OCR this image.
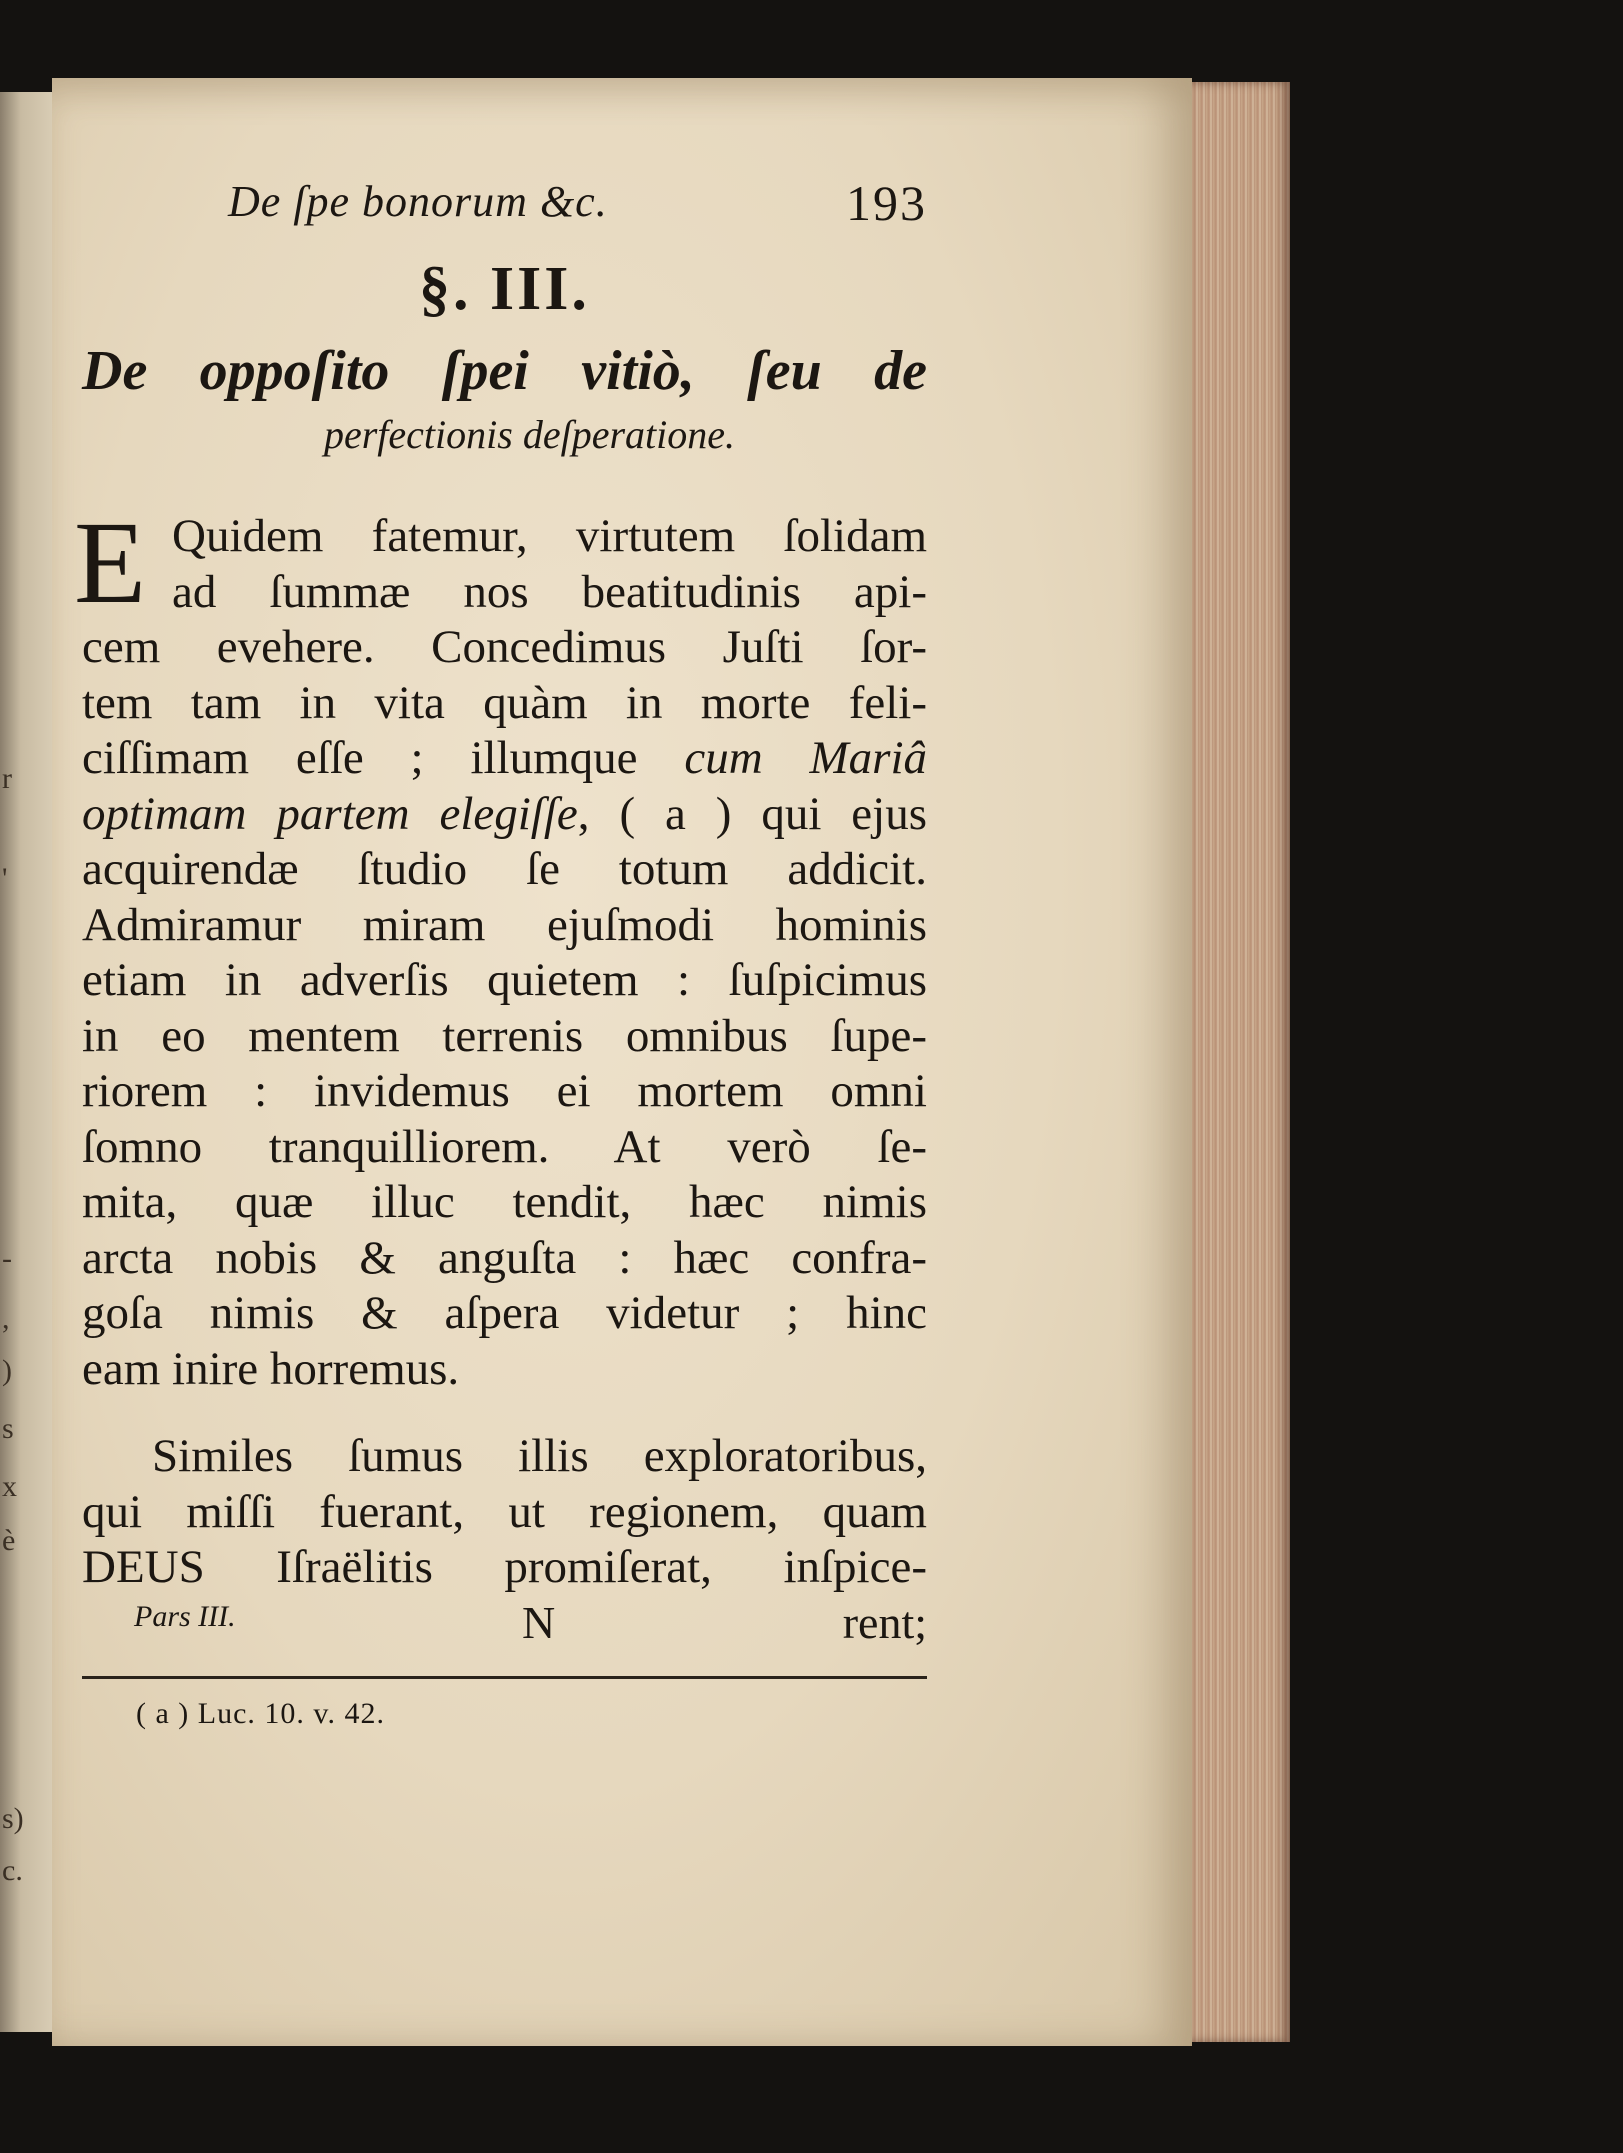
r
'
-
,
)
s
x
è
s)
c.
De ſpe bonorum &c.	193
§. III.
De oppoſito ſpei vitiò, ſeu de
perfectionis deſperatione.
E Quidem fatemur, virtutem ſolidam
ad ſummæ nos beatitudinis api-
cem evehere. Concedimus Juſti ſor-
tem tam in vita quàm in morte feli-
ciſſimam eſſe ; illumque cum Mariâ
optimam partem elegiſſe, ( a ) qui ejus
acquirendæ ſtudio ſe totum addicit.
Admiramur miram ejuſmodi hominis
etiam in adverſis quietem : ſuſpicimus
in eo mentem terrenis omnibus ſupe-
riorem : invidemus ei mortem omni
ſomno tranquilliorem. At verò ſe-
mita, quæ illuc tendit, hæc nimis
arcta nobis & anguſta : hæc confra-
goſa nimis & aſpera videtur ; hinc
eam inire horremus.
Similes ſumus illis exploratoribus,
qui miſſi fuerant, ut regionem, quam
DEUS Iſraëlitis promiſerat, inſpice-
Pars III.	N	rent;
( a ) Luc. 10. v. 42.
